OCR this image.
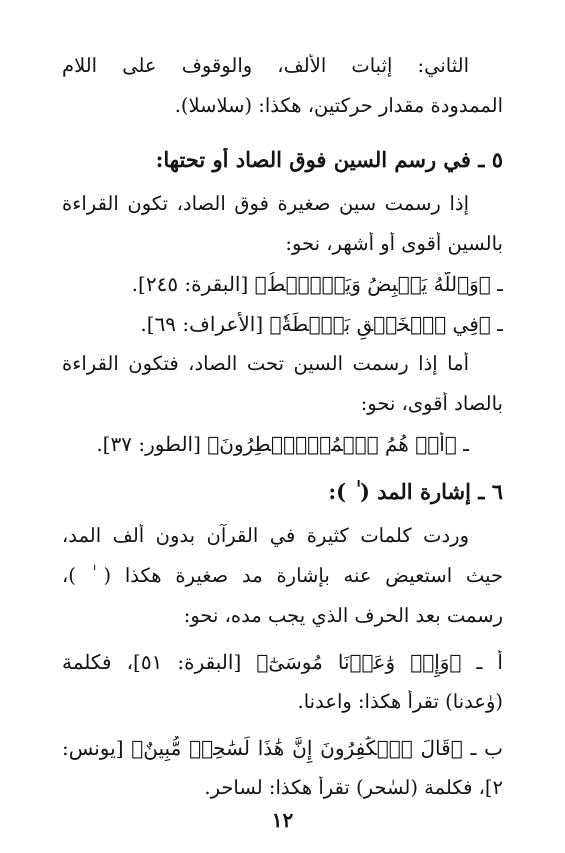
الثاني: إثبات الألف، والوقوف على اللام
الممدودة مقدار حركتين، هكذا: (سلاسلا).
٥ ـ في رسم السين فوق الصاد أو تحتها:
إذا رسمت سين صغيرة فوق الصاد، تكون القراءة
بالسين أقوى أو أشهر، نحو:
ـ ﴿وَٱللَّهُ يَقۡبِضُ وَيَبۡصُۜطُ﴾ [البقرة: ٢٤٥].
ـ ﴿فِي ٱلۡخَلۡقِ بَصۜۡطَةٗ﴾ [الأعراف: ٦٩].
أما إذا رسمت السين تحت الصاد، فتكون القراءة
بالصاد أقوى، نحو:
ـ ﴿أَمۡ هُمُ ٱلۡمُصَۣيۡطِرُونَ﴾ [الطور: ٣٧].
٦ ـ إشارة المد ( ٰ ):
وردت كلمات كثيرة في القرآن بدون ألف المد،
حيث استعيض عنه بإشارة مد صغيرة هكذا ( ٰ )،
رسمت بعد الحرف الذي يجب مده، نحو:
أ ـ ﴿وَإِذۡ وَٰعَدۡنَا مُوسَىٰٓ﴾ [البقرة: ٥١]، فكلمة
(وٰعدنا) تقرأ هكذا: واعدنا.
ب ـ ﴿قَالَ ٱلۡكَٰفِرُونَ إِنَّ هَٰذَا لَسَٰحِرٞ مُّبِينٌ﴾ [يونس:
٢]، فكلمة (لسٰحر) تقرأ هكذا: لساحر.
١٢
